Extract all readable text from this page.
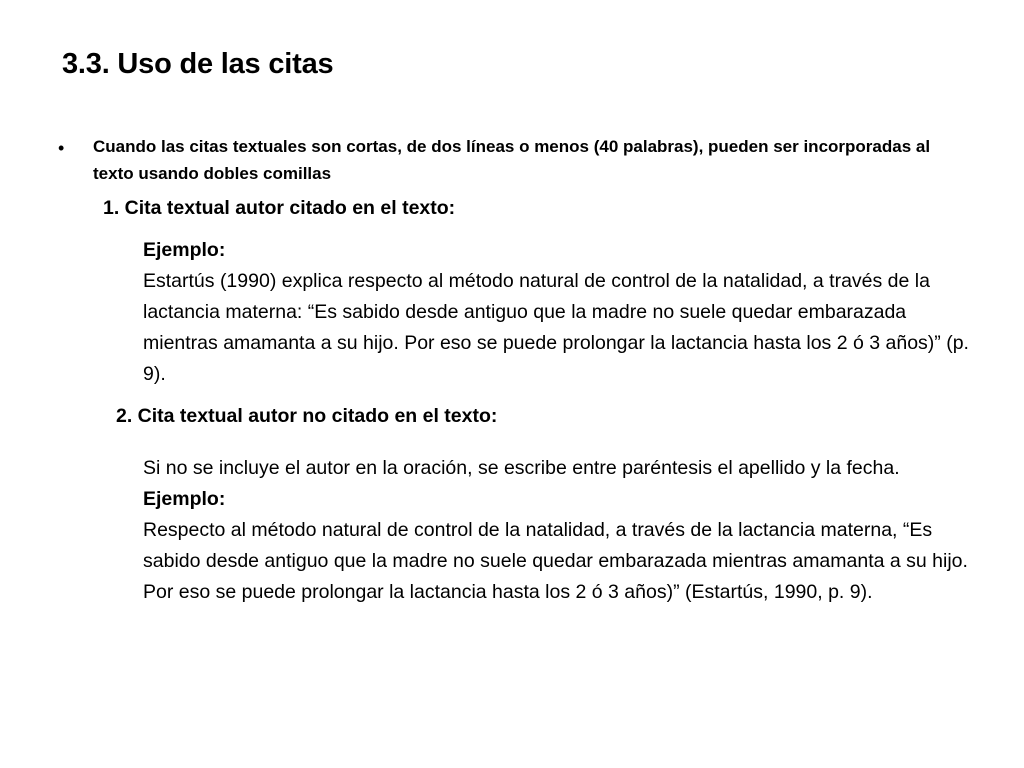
3.3. Uso de las citas
• Cuando las citas textuales son cortas, de dos líneas o menos (40 palabras), pueden ser incorporadas al texto usando dobles comillas
1. Cita textual autor citado en el texto:
Ejemplo:

Estartús (1990) explica respecto al método natural de control de la natalidad, a través de la lactancia materna: “Es sabido desde antiguo que la madre no suele quedar embarazada mientras amamanta a su hijo. Por eso se puede prolongar la lactancia hasta los 2 ó 3 años)” (p. 9).

2. Cita textual autor no citado en el texto:

Si no se incluye el autor en la oración, se escribe entre paréntesis el apellido y la fecha.

Ejemplo:

Respecto al método natural de control de la natalidad, a través de la lactancia materna, “Es sabido desde antiguo que la madre no suele quedar embarazada mientras amamanta a su hijo. Por eso se puede prolongar la lactancia hasta los 2 ó 3 años)” (Estartús, 1990, p. 9).
